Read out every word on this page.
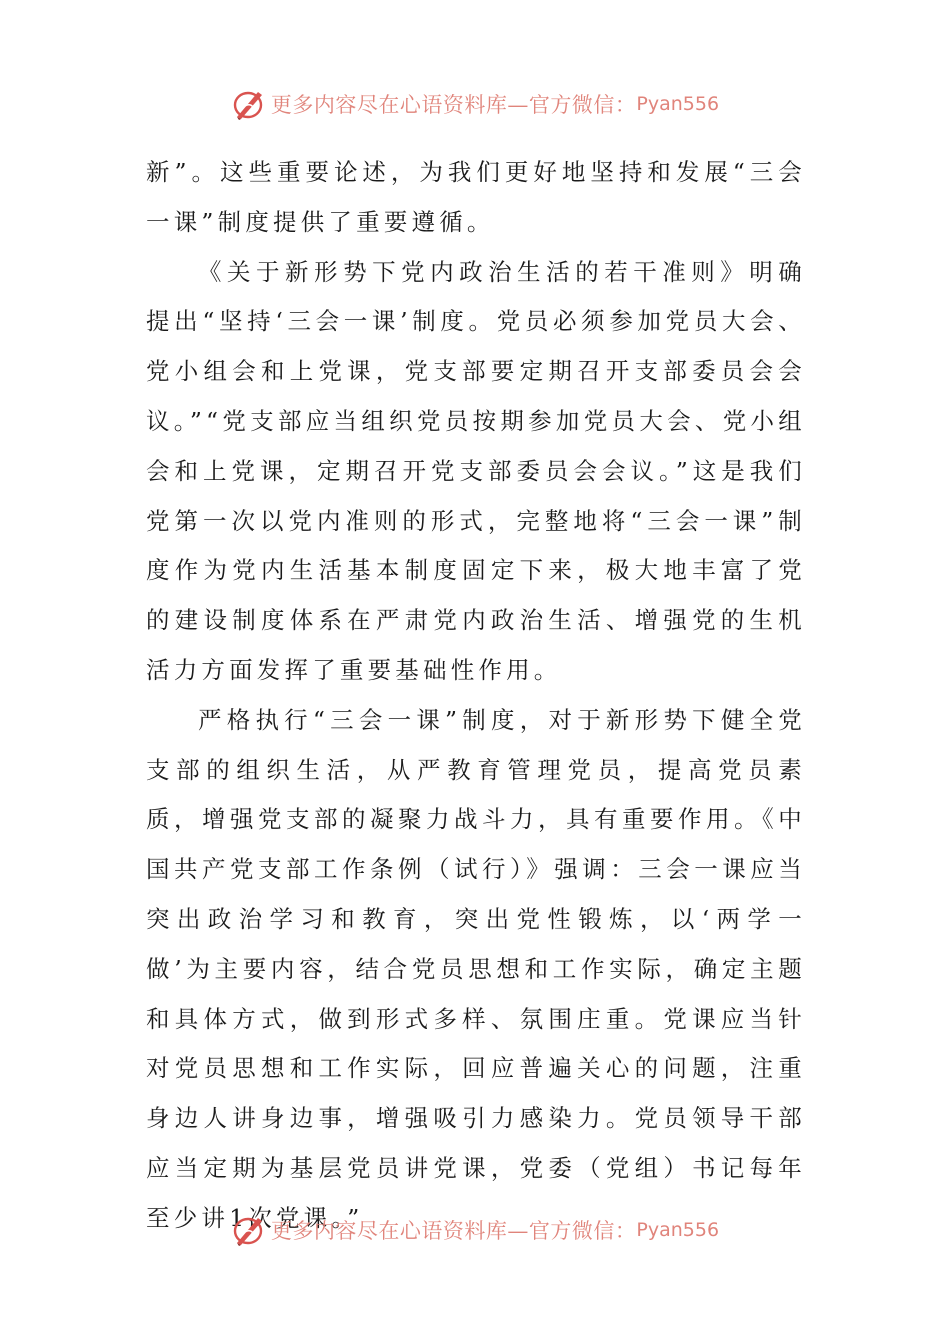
更多内容尽在心语资料库—官方微信： Pyan556

新”。这些重要论述，为我们更好地坚持和发展“三会一课”制度提供了重要遵循。

《关于新形势下党内政治生活的若干准则》明确提出“坚持‘三会一课’制度。党员必须参加党员大会、党小组会和上党课，党支部要定期召开支部委员会会议。”“党支部应当组织党员按期参加党员大会、党小组会和上党课，定期召开党支部委员会会议。”这是我们党第一次以党内准则的形式，完整地将“三会一课”制度作为党内生活基本制度固定下来，极大地丰富了党的建设制度体系在严肃党内政治生活、增强党的生机活力方面发挥了重要基础性作用。

严格执行“三会一课”制度，对于新形势下健全党支部的组织生活，从严教育管理党员，提高党员素质，增强党支部的凝聚力战斗力，具有重要作用。《中国共产党支部工作条例（试行）》强调：三会一课应当突出政治学习和教育，突出党性锻炼，以‘两学一做’为主要内容，结合党员思想和工作实际，确定主题和具体方式，做到形式多样、氛围庄重。党课应当针对党员思想和工作实际，回应普遍关心的问题，注重身边人讲身边事，增强吸引力感染力。党员领导干部应当定期为基层党员讲党课，党委（党组）书记每年至少讲1次党课。”

更多内容尽在心语资料库—官方微信： Pyan556
